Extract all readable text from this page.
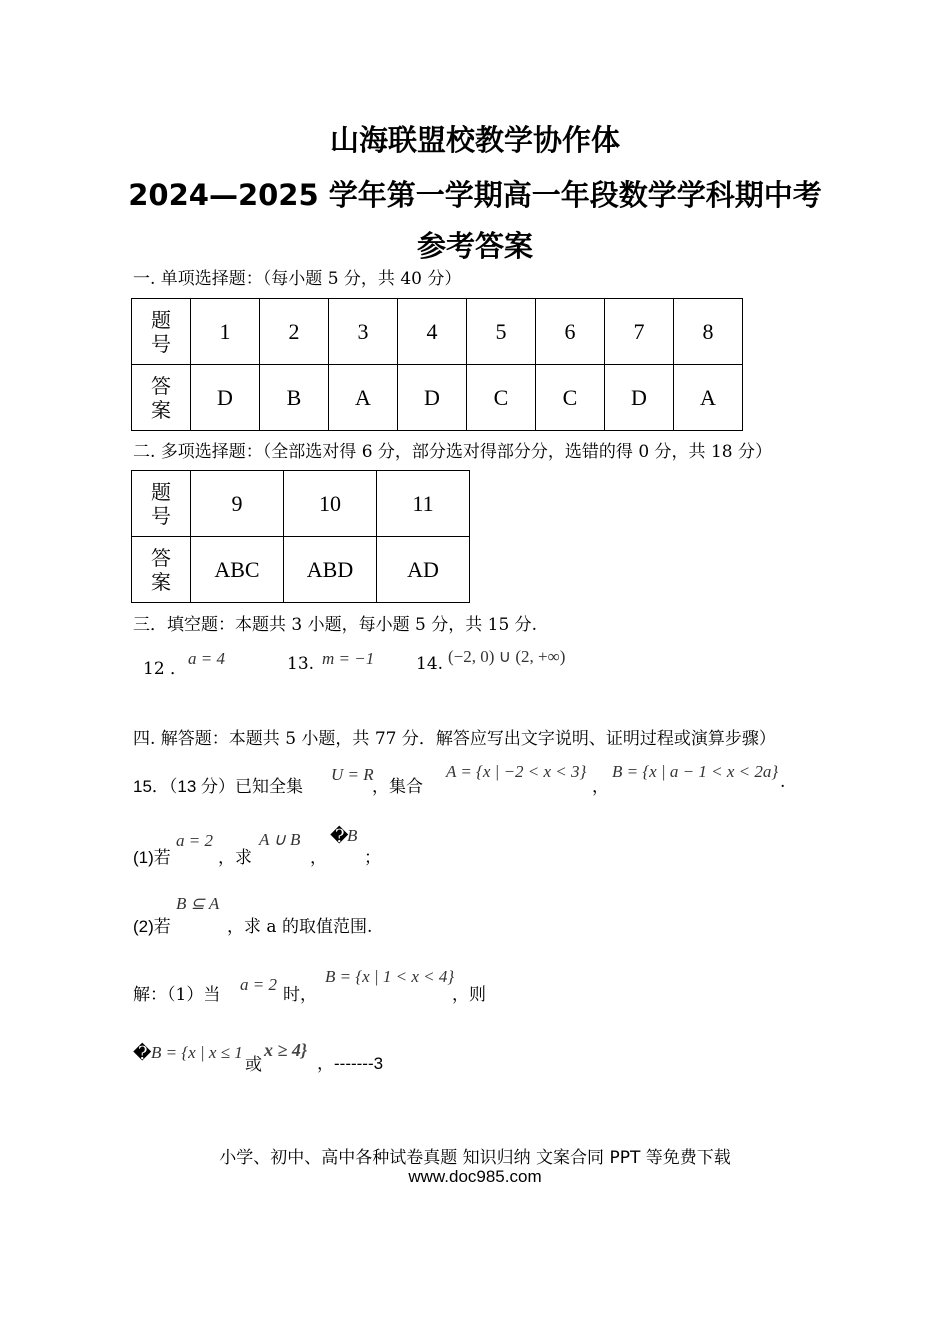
山海联盟校教学协作体
2024—2025 学年第一学期高一年段数学学科期中考
参考答案
一. 单项选择题：（每小题 5 分，共 40 分）
题号	1	2	3	4	5	6	7	8
答案	D	B	A	D	C	C	D	A
二. 多项选择题：（全部选对得 6 分，部分选对得部分分，选错的得 0 分，共 18 分）
题号	9	10	11
答案	ABC	ABD	AD
三．填空题：本题共 3 小题，每小题 5 分，共 15 分.
12 ．
a = 4	13. m = −1 14. (−2, 0) ∪ (2, +∞)
四. 解答题：本题共 5 小题，共 77 分．解答应写出文字说明、证明过程或演算步骤）
15．（13 分）已知全集
U = R
，集合
A = {x | −2 < x < 3}
，
B = {x | a − 1 < x < 2a}
.
(1)若
a = 2
，求
A ∪ B
，
�
B
；
(2)若
B ⊆ A
，求 a 的取值范围.
解：（1）当
a = 2
时，
B = {x | 1 < x < 4}
，则
� B = {x | x ≤ 1
或
x ≥ 4}
，-------3
小学、初中、高中各种试卷真题 知识归纳 文案合同 PPT 等免费下载
www.doc985.com
